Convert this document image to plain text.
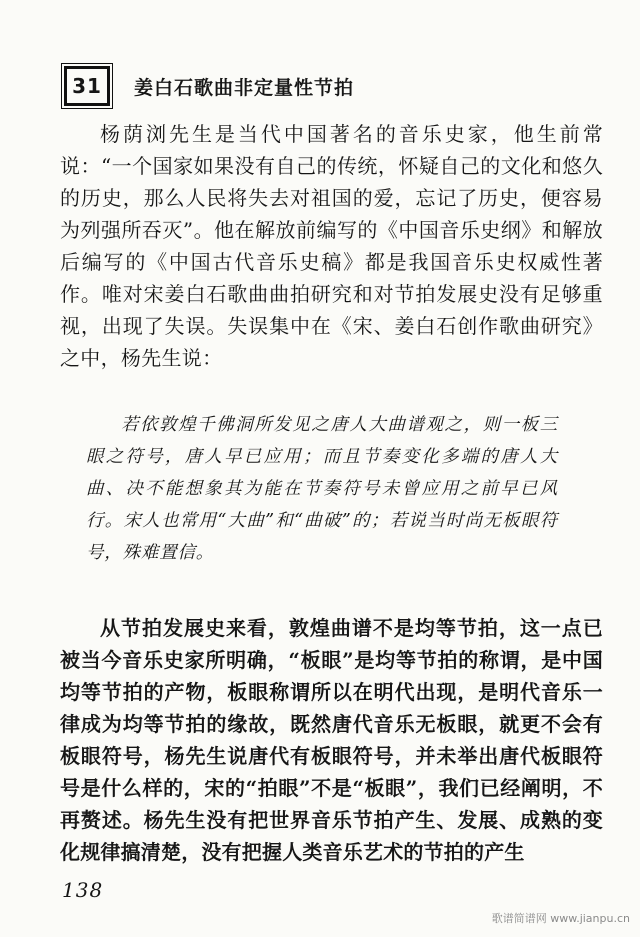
31 姜白石歌曲非定量性节拍

杨荫浏先生是当代中国著名的音乐史家，他生前常说：“一个国家如果没有自己的传统，怀疑自己的文化和悠久的历史，那么人民将失去对祖国的爱，忘记了历史，便容易为列强所吞灭”。他在解放前编写的《中国音乐史纲》和解放后编写的《中国古代音乐史稿》都是我国音乐史权威性著作。唯对宋姜白石歌曲曲拍研究和对节拍发展史没有足够重视，出现了失误。失误集中在《宋、姜白石创作歌曲研究》之中，杨先生说：

若依敦煌千佛洞所发见之唐人大曲谱观之，则一板三眼之符号，唐人早已应用；而且节奏变化多端的唐人大曲、决不能想象其为能在节奏符号未曾应用之前早已风行。宋人也常用“大曲”和“曲破”的；若说当时尚无板眼符号，殊难置信。

从节拍发展史来看，敦煌曲谱不是均等节拍，这一点已被当今音乐史家所明确，“板眼”是均等节拍的称谓，是中国均等节拍的产物，板眼称谓所以在明代出现，是明代音乐一律成为均等节拍的缘故，既然唐代音乐无板眼，就更不会有板眼符号，杨先生说唐代有板眼符号，并未举出唐代板眼符号是什么样的，宋的“拍眼”不是“板眼”，我们已经阐明，不再赘述。杨先生没有把世界音乐节拍产生、发展、成熟的变化规律搞清楚，没有把握人类音乐艺术的节拍的产生

138
歌谱简谱网 www.jianpu.cn
